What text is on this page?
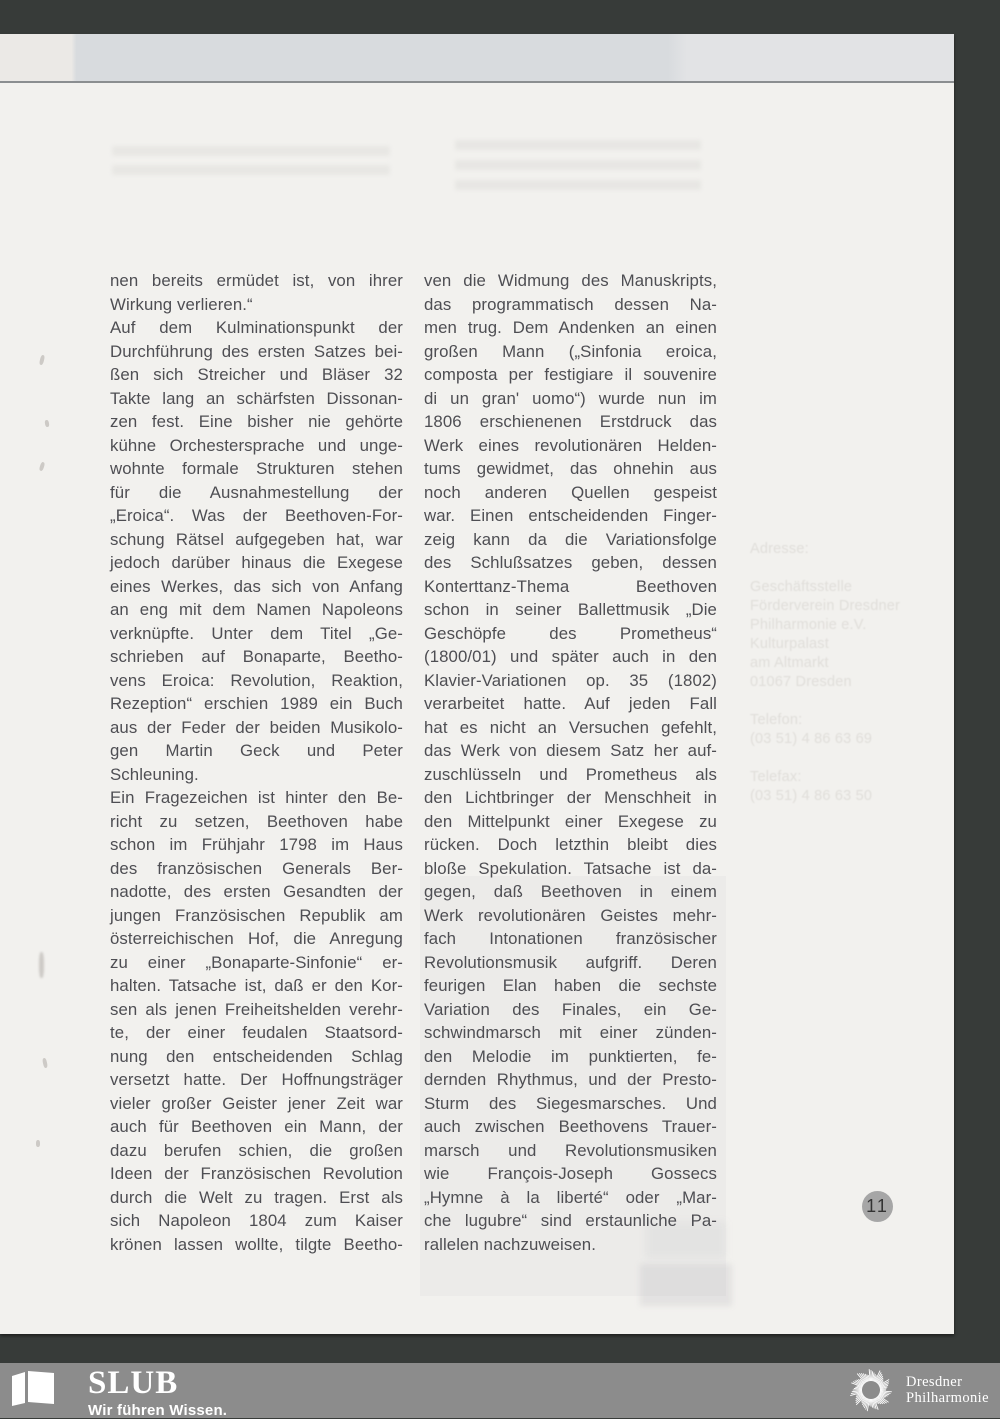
Adresse:
Geschäftsstelle
Förderverein Dresdner
Philharmonie e.V.
Kulturpalast
am Altmarkt
01067 Dresden
Telefon:
(03 51) 4 86 63 69
Telefax:
(03 51) 4 86 63 50
nen bereits ermüdet ist, von ihrer
Wirkung verlieren.“
Auf dem Kulminationspunkt der
Durchführung des ersten Satzes bei-
ßen sich Streicher und Bläser 32
Takte lang an schärfsten Dissonan-
zen fest. Eine bisher nie gehörte
kühne Orchestersprache und unge-
wohnte formale Strukturen stehen
für die Ausnahmestellung der
„Eroica“. Was der Beethoven-For-
schung Rätsel aufgegeben hat, war
jedoch darüber hinaus die Exegese
eines Werkes, das sich von Anfang
an eng mit dem Namen Napoleons
verknüpfte. Unter dem Titel „Ge-
schrieben auf Bonaparte, Beetho-
vens Eroica: Revolution, Reaktion,
Rezeption“ erschien 1989 ein Buch
aus der Feder der beiden Musikolo-
gen Martin Geck und Peter
Schleuning.
Ein Fragezeichen ist hinter den Be-
richt zu setzen, Beethoven habe
schon im Frühjahr 1798 im Haus
des französischen Generals Ber-
nadotte, des ersten Gesandten der
jungen Französischen Republik am
österreichischen Hof, die Anregung
zu einer „Bonaparte-Sinfonie“ er-
halten. Tatsache ist, daß er den Kor-
sen als jenen Freiheitshelden verehr-
te, der einer feudalen Staatsord-
nung den entscheidenden Schlag
versetzt hatte. Der Hoffnungsträger
vieler großer Geister jener Zeit war
auch für Beethoven ein Mann, der
dazu berufen schien, die großen
Ideen der Französischen Revolution
durch die Welt zu tragen. Erst als
sich Napoleon 1804 zum Kaiser
krönen lassen wollte, tilgte Beetho-
ven die Widmung des Manuskripts,
das programmatisch dessen Na-
men trug. Dem Andenken an einen
großen Mann („Sinfonia eroica,
composta per festigiare il souvenire
di un gran' uomo“) wurde nun im
1806 erschienenen Erstdruck das
Werk eines revolutionären Helden-
tums gewidmet, das ohnehin aus
noch anderen Quellen gespeist
war. Einen entscheidenden Finger-
zeig kann da die Variationsfolge
des Schlußsatzes geben, dessen
Konterttanz-Thema Beethoven
schon in seiner Ballettmusik „Die
Geschöpfe des Prometheus“
(1800/01) und später auch in den
Klavier-Variationen op. 35 (1802)
verarbeitet hatte. Auf jeden Fall
hat es nicht an Versuchen gefehlt,
das Werk von diesem Satz her auf-
zuschlüsseln und Prometheus als
den Lichtbringer der Menschheit in
den Mittelpunkt einer Exegese zu
rücken. Doch letzthin bleibt dies
bloße Spekulation. Tatsache ist da-
gegen, daß Beethoven in einem
Werk revolutionären Geistes mehr-
fach Intonationen französischer
Revolutionsmusik aufgriff. Deren
feurigen Elan haben die sechste
Variation des Finales, ein Ge-
schwindmarsch mit einer zünden-
den Melodie im punktierten, fe-
dernden Rhythmus, und der Presto-
Sturm des Siegesmarsches. Und
auch zwischen Beethovens Trauer-
marsch und Revolutionsmusiken
wie François-Joseph Gossecs
„Hymne à la liberté“ oder „Mar-
che lugubre“ sind erstaunliche Pa-
rallelen nachzuweisen.
11
SLUB
Wir führen Wissen.
Dresdner
Philharmonie
